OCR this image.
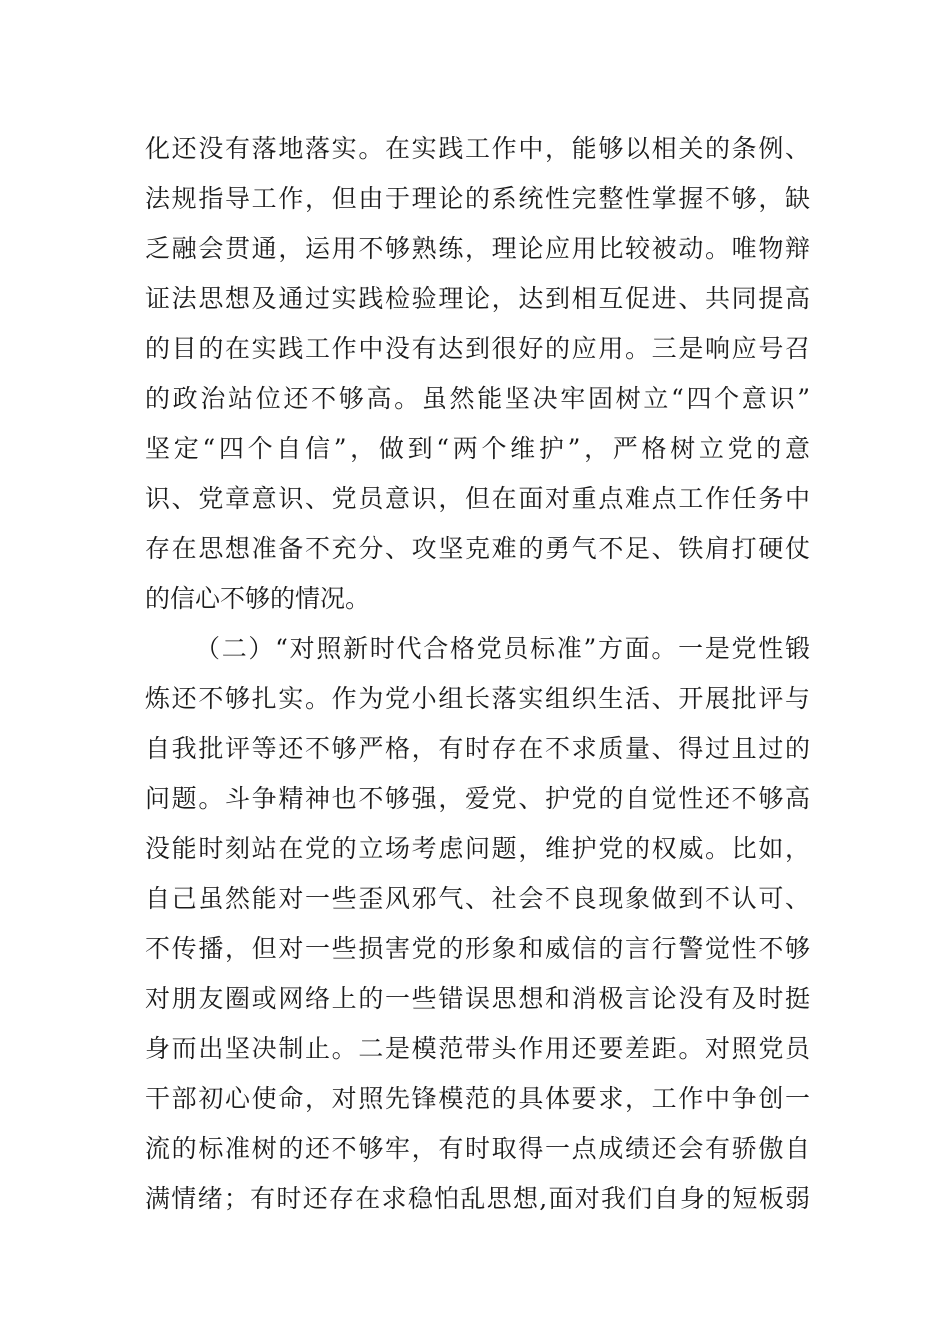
化还没有落地落实。在实践工作中，能够以相关的条例、
法规指导工作，但由于理论的系统性完整性掌握不够，缺
乏融会贯通，运用不够熟练，理论应用比较被动。唯物辩
证法思想及通过实践检验理论，达到相互促进、共同提高
的目的在实践工作中没有达到很好的应用。三是响应号召
的政治站位还不够高。虽然能坚决牢固树立“四个意识”
坚定“四个自信”，做到“两个维护”，严格树立党的意
识、党章意识、党员意识，但在面对重点难点工作任务中
存在思想准备不充分、攻坚克难的勇气不足、铁肩打硬仗
的信心不够的情况。
（二）“对照新时代合格党员标准”方面。一是党性锻
炼还不够扎实。作为党小组长落实组织生活、开展批评与
自我批评等还不够严格，有时存在不求质量、得过且过的
问题。斗争精神也不够强，爱党、护党的自觉性还不够高
没能时刻站在党的立场考虑问题，维护党的权威。比如，
自己虽然能对一些歪风邪气、社会不良现象做到不认可、
不传播，但对一些损害党的形象和威信的言行警觉性不够
对朋友圈或网络上的一些错误思想和消极言论没有及时挺
身而出坚决制止。二是模范带头作用还要差距。对照党员
干部初心使命，对照先锋模范的具体要求，工作中争创一
流的标准树的还不够牢，有时取得一点成绩还会有骄傲自
满情绪；有时还存在求稳怕乱思想,面对我们自身的短板弱
